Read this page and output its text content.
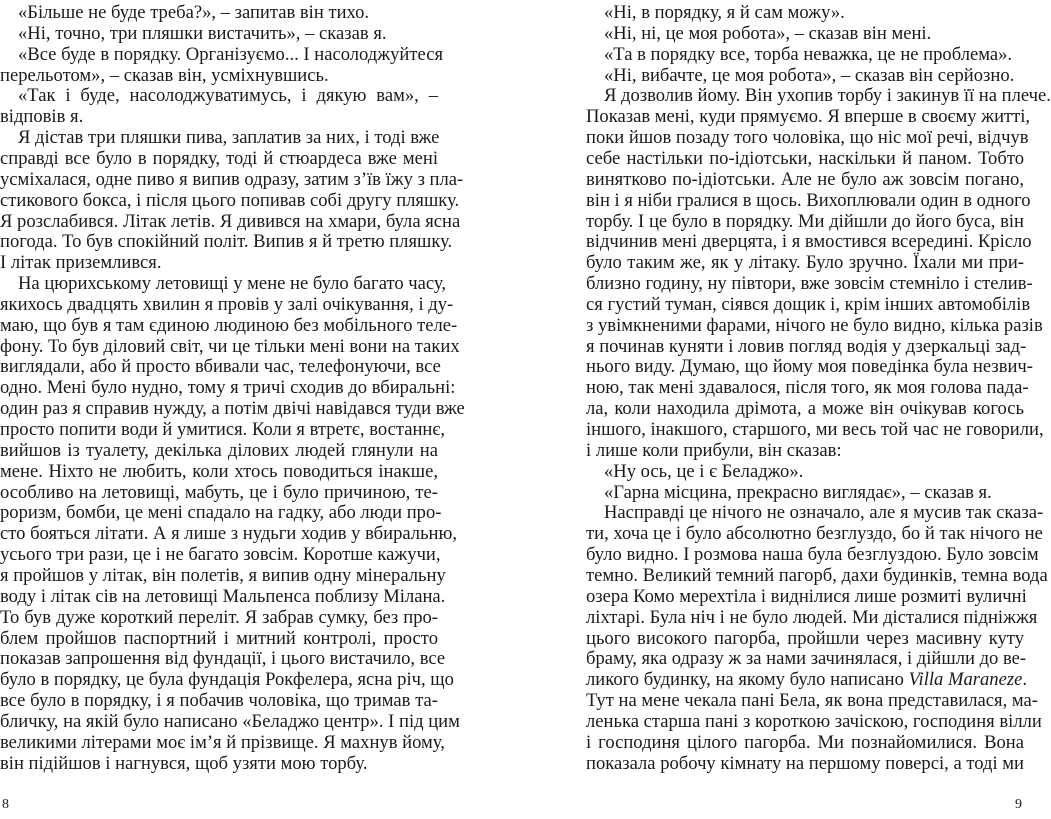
«Більше не буде треба?», – запитав він тихо.
«Ні, точно, три пляшки вистачить», – сказав я.
«Все буде в порядку. Організуємо... І насолоджуйтеся
перельотом», – сказав він, усміхнувшись.
«Так і буде, насолоджуватимусь, і дякую вам», –
відповів я.
Я дістав три пляшки пива, заплатив за них, і тоді вже
справді все було в порядку, тоді й стюардеса вже мені
усміхалася, одне пиво я випив одразу, затим з’їв їжу з пла-
стикового бокса, і після цього попивав собі другу пляшку.
Я розслабився. Літак летів. Я дивився на хмари, була ясна
погода. То був спокійний політ. Випив я й третю пляшку.
І літак приземлився.
На цюрихському летовищі у мене не було багато часу,
якихось двадцять хвилин я провів у залі очікування, і ду-
маю, що був я там єдиною людиною без мобільного теле-
фону. То був діловий світ, чи це тільки мені вони на таких
виглядали, або й просто вбивали час, телефонуючи, все
одно. Мені було нудно, тому я тричі сходив до вбиральні:
один раз я справив нужду, а потім двічі навідався туди вже
просто попити води й умитися. Коли я втретє, востаннє,
вийшов із туалету, декілька ділових людей глянули на
мене. Ніхто не любить, коли хтось поводиться інакше,
особливо на летовищі, мабуть, це і було причиною, те-
роризм, бомби, це мені спадало на гадку, або люди про-
сто бояться літати. А я лише з нудьги ходив у вбиральню,
усього три рази, це і не багато зовсім. Коротше кажучи,
я пройшов у літак, він полетів, я випив одну мінеральну
воду і літак сів на летовищі Мальпенса поблизу Мілана.
То був дуже короткий переліт. Я забрав сумку, без про-
блем пройшов паспортний і митний контролі, просто
показав запрошення від фундації, і цього вистачило, все
було в порядку, це була фундація Рокфелера, ясна річ, що
все було в порядку, і я побачив чоловіка, що тримав та-
бличку, на якій було написано «Беладжо центр». І під цим
великими літерами моє ім’я й прізвище. Я махнув йому,
він підійшов і нагнувся, щоб узяти мою торбу.
8
«Ні, в порядку, я й сам можу».
«Ні, ні, це моя робота», – сказав він мені.
«Та в порядку все, торба неважка, це не проблема».
«Ні, вибачте, це моя робота», – сказав він серйозно.
Я дозволив йому. Він ухопив торбу і закинув її на плече.
Показав мені, куди прямуємо. Я вперше в своєму житті,
поки йшов позаду того чоловіка, що ніс мої речі, відчув
себе настільки по-ідіотськи, наскільки й паном. Тобто
винятково по-ідіотськи. Але не було аж зовсім погано,
він і я ніби гралися в щось. Вихоплювали один в одного
торбу. І це було в порядку. Ми дійшли до його буса, він
відчинив мені дверцята, і я вмостився всередині. Крісло
було таким же, як у літаку. Було зручно. Їхали ми при-
близно годину, ну півтори, вже зовсім стемніло і стелив-
ся густий туман, сіявся дощик і, крім інших автомобілів
з увімкненими фарами, нічого не було видно, кілька разів
я починав куняти і ловив погляд водія у дзеркальці зад-
нього виду. Думаю, що йому моя поведінка була незвич-
ною, так мені здавалося, після того, як моя голова пада-
ла, коли находила дрімота, а може він очікував когось
іншого, інакшого, старшого, ми весь той час не говорили,
і лише коли прибули, він сказав:
«Ну ось, це і є Беладжо».
«Гарна місцина, прекрасно виглядає», – сказав я.
Насправді це нічого не означало, але я мусив так сказа-
ти, хоча це і було абсолютно безглуздо, бо й так нічого не
було видно. І розмова наша була безглуздою. Було зовсім
темно. Великий темний пагорб, дахи будинків, темна вода
озера Комо мерехтіла і виднілися лише розмиті вуличні
ліхтарі. Була ніч і не було людей. Ми дісталися підніжжя
цього високого пагорба, пройшли через масивну куту
браму, яка одразу ж за нами зачинялася, і дійшли до ве-
ликого будинку, на якому було написано Villa Maraneze.
Тут на мене чекала пані Бела, як вона представилася, ма-
ленька старша пані з короткою зачіскою, господиня вілли
і господиня цілого пагорба. Ми познайомилися. Вона
показала робочу кімнату на першому поверсі, а тоді ми
9
